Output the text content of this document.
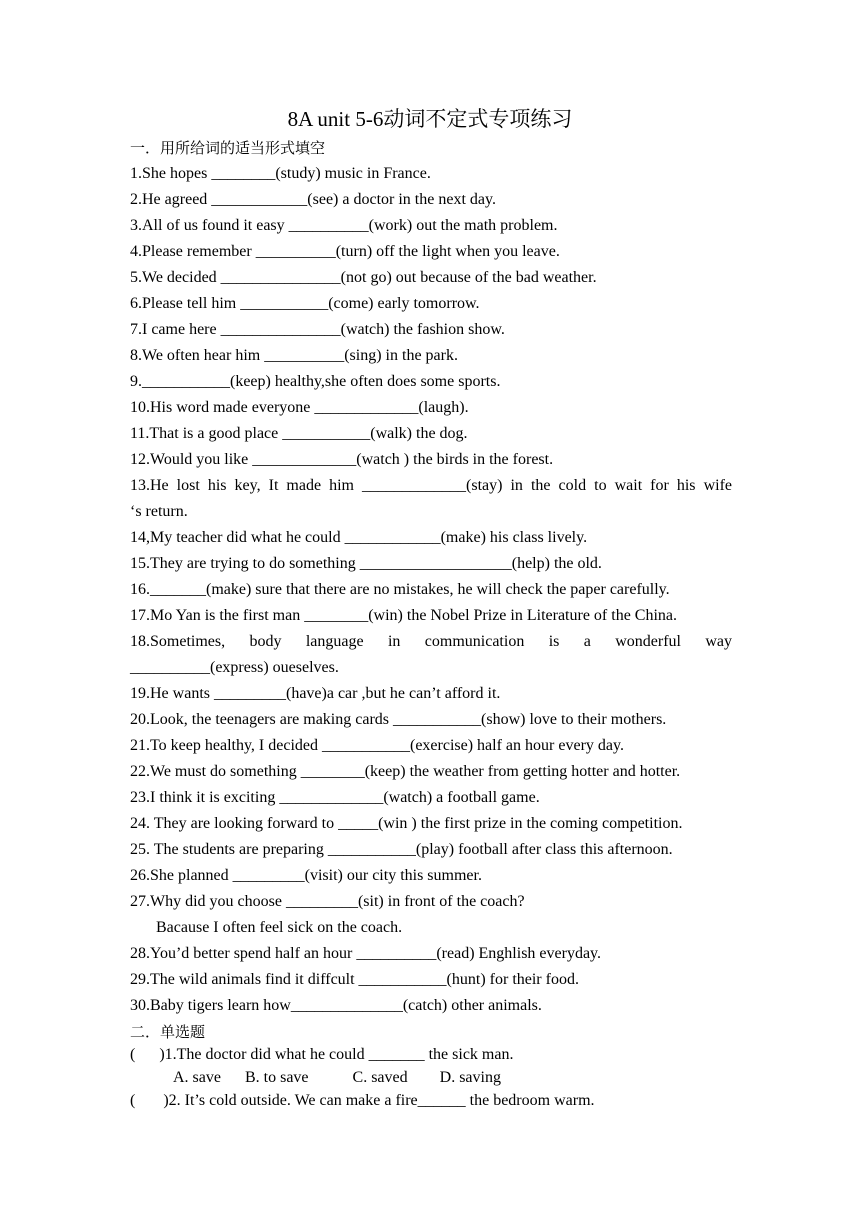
8A unit 5-6动词不定式专项练习
一．用所给词的适当形式填空
1.She hopes ________(study) music in France.
2.He agreed ____________(see) a doctor in the next day.
3.All of us found it easy __________(work) out the math problem.
4.Please remember __________(turn) off the light when you leave.
5.We decided _______________(not go) out because of the bad weather.
6.Please tell him ___________(come) early tomorrow.
7.I came here _______________(watch) the fashion show.
8.We often hear him __________(sing) in the park.
9.___________(keep) healthy,she often does some sports.
10.His word made everyone _____________(laugh).
11.That is a good place ___________(walk) the dog.
12.Would you like _____________(watch ) the birds in the forest.
13.He lost his key, It made him _____________(stay) in the cold to wait for his wife
‘s return.
14,My teacher did what he could ____________(make) his class lively.
15.They are trying to do something ___________________(help) the old.
16._______(make) sure that there are no mistakes, he will check the paper carefully.
17.Mo Yan is the first man ________(win) the Nobel Prize in Literature of the China.
18.Sometimes, body language in communication is a wonderful way
__________(express) oueselves.
19.He wants _________(have)a car ,but he can’t afford it.
20.Look, the teenagers are making cards ___________(show) love to their mothers.
21.To keep healthy, I decided ___________(exercise) half an hour every day.
22.We must do something ________(keep) the weather from getting hotter and hotter.
23.I think it is exciting _____________(watch) a football game.
24. They are looking forward to _____(win ) the first prize in the coming competition.
25. The students are preparing ___________(play) football after class this afternoon.
26.She planned _________(visit) our city this summer.
27.Why did you choose _________(sit) in front of the coach?
Bacause I often feel sick on the coach.
28.You’d better spend half an hour __________(read) Enghlish everyday.
29.The wild animals find it diffcult ___________(hunt) for their food.
30.Baby tigers learn how______________(catch) other animals.
二．单选题
(      )1.The doctor did what he could _______ the sick man.
A. save      B. to save           C. saved        D. saving
(       )2. It’s cold outside. We can make a fire______ the bedroom warm.
